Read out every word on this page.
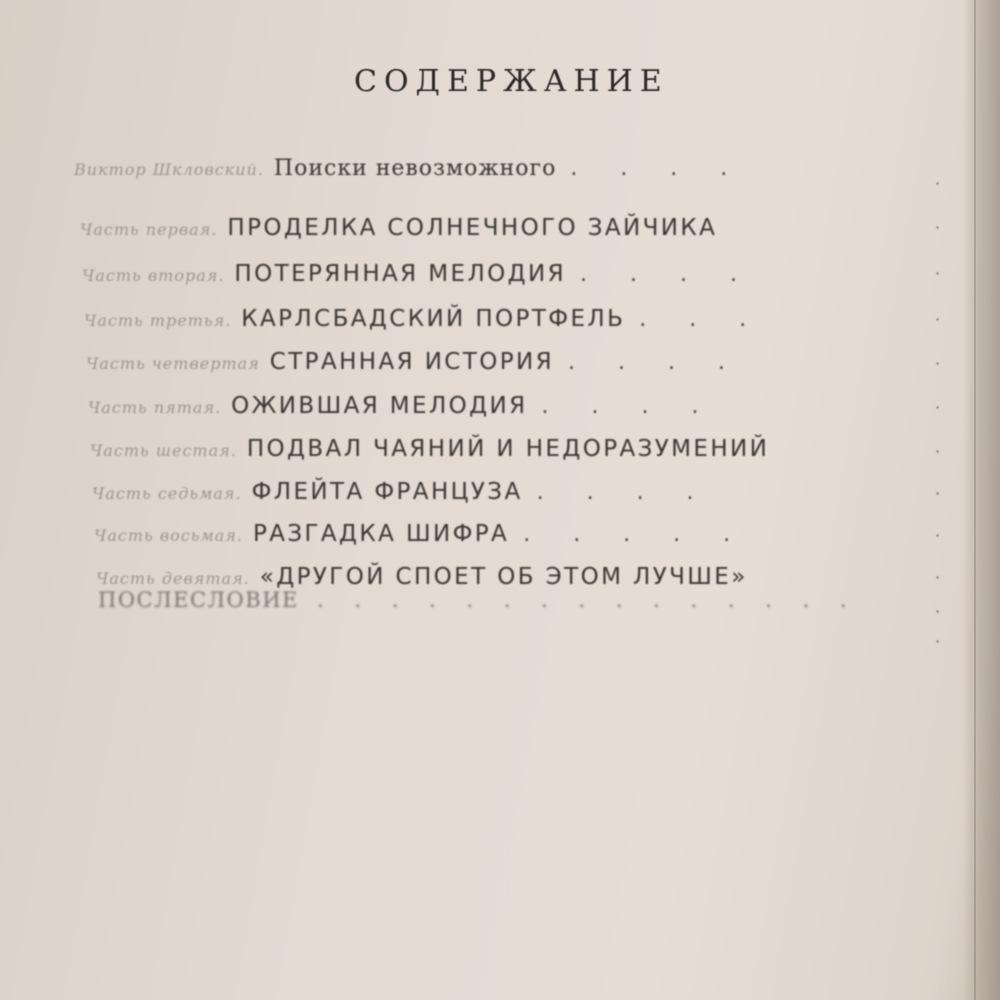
СОДЕРЖАНИЕ
Виктор Шкловский. Поиски невозможного . . . .
Часть первая. ПРОДЕЛКА СОЛНЕЧНОГО ЗАЙЧИКА
Часть вторая. ПОТЕРЯННАЯ МЕЛОДИЯ . . . .
Часть третья. КАРЛСБАДСКИЙ ПОРТФЕЛЬ . . .
Часть четвертая СТРАННАЯ ИСТОРИЯ . . . .
Часть пятая. ОЖИВШАЯ МЕЛОДИЯ . . . .
Часть шестая. ПОДВАЛ ЧАЯНИЙ И НЕДОРАЗУМЕНИЙ
Часть седьмая. ФЛЕЙТА ФРАНЦУЗА . . . .
Часть восьмая. РАЗГАДКА ШИФРА . . . . .
Часть девятая. «ДРУГОЙ СПОЕТ ОБ ЭТОМ ЛУЧШЕ»
ПОСЛЕСЛОВИЕ . . . . . . . . . . . . . . .
·
·
·
·
·
·
·
·
·
·
·
·
